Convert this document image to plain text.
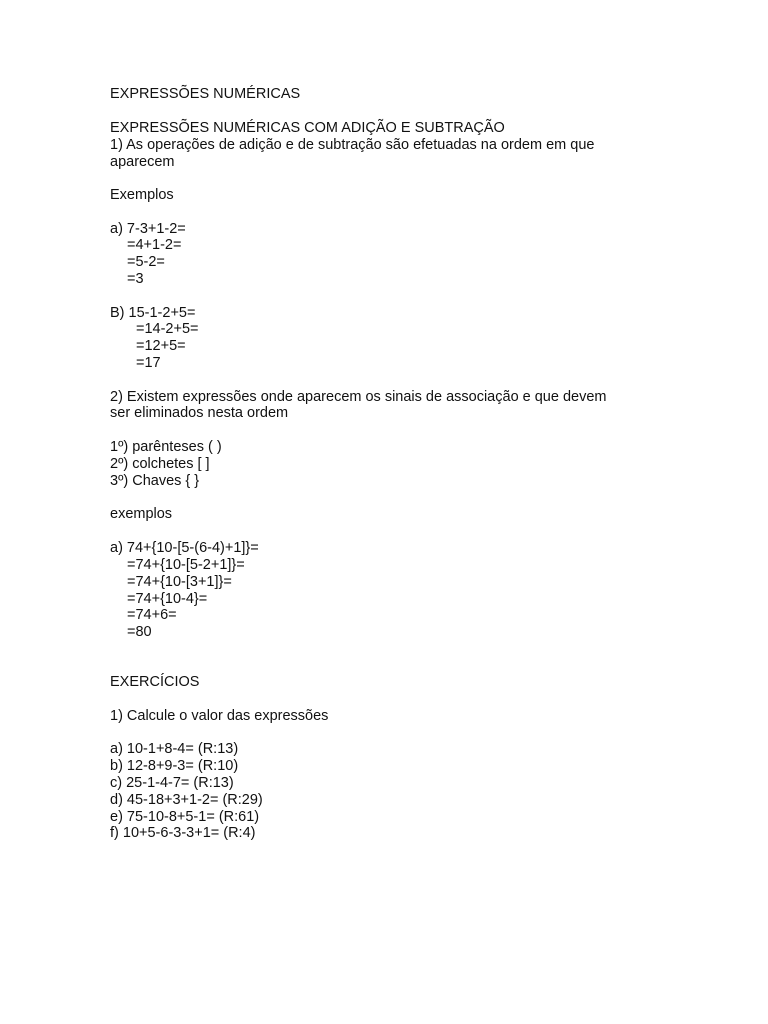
EXPRESSÕES NUMÉRICAS
EXPRESSÕES NUMÉRICAS COM ADIÇÃO E SUBTRAÇÃO
1) As operações de adição e de subtração são efetuadas na ordem em que
aparecem
Exemplos
a) 7-3+1-2=
=4+1-2=
=5-2=
=3
B) 15-1-2+5=
=14-2+5=
=12+5=
=17
2) Existem expressões onde aparecem os sinais de associação e que devem
ser eliminados nesta ordem
1º) parênteses ( )
2º) colchetes [ ]
3º) Chaves { }
exemplos
a) 74+{10-[5-(6-4)+1]}=
=74+{10-[5-2+1]}=
=74+{10-[3+1]}=
=74+{10-4}=
=74+6=
=80
EXERCÍCIOS
1) Calcule o valor das expressões
a) 10-1+8-4= (R:13)
b) 12-8+9-3= (R:10)
c) 25-1-4-7= (R:13)
d) 45-18+3+1-2= (R:29)
e) 75-10-8+5-1= (R:61)
f) 10+5-6-3-3+1= (R:4)
